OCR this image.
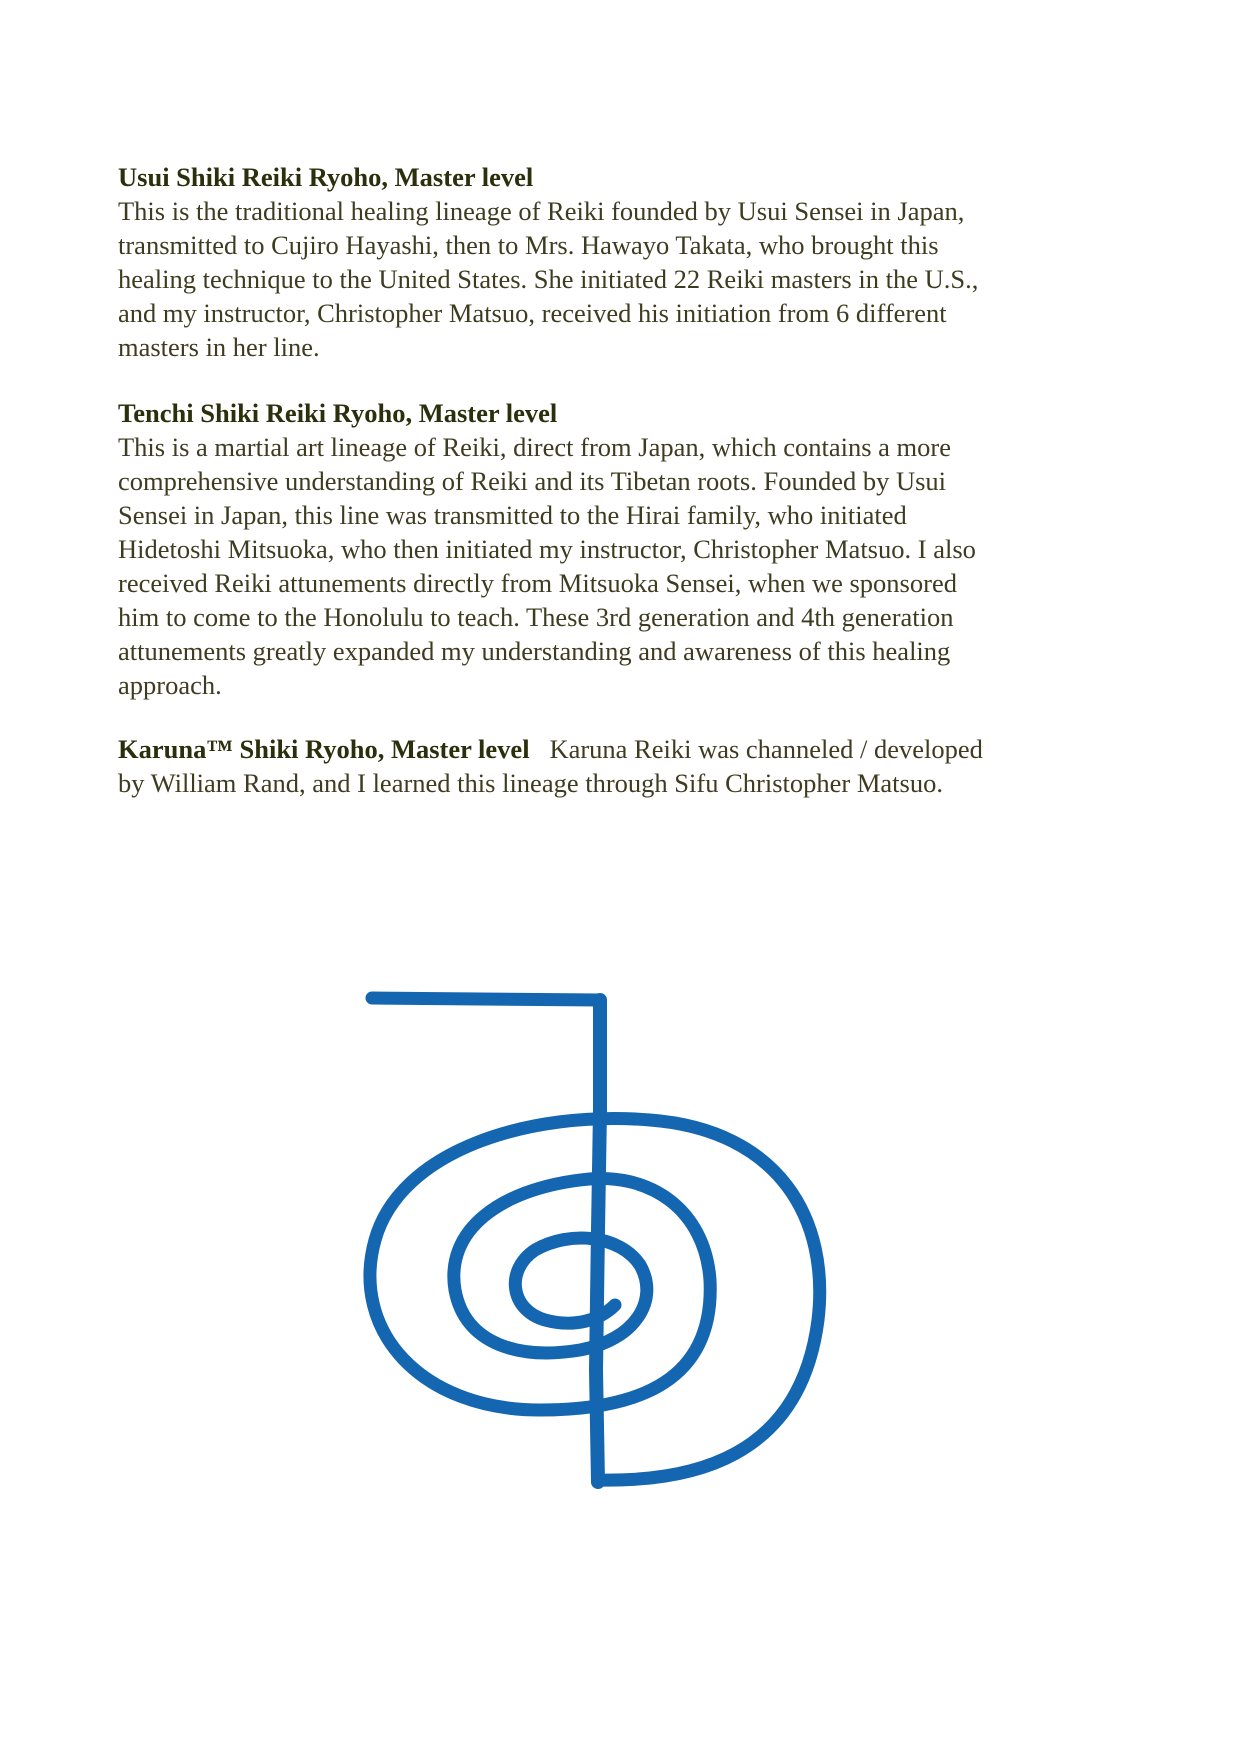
Usui Shiki Reiki Ryoho, Master level
This is the traditional healing lineage of Reiki founded by Usui Sensei in Japan,
transmitted to Cujiro Hayashi, then to Mrs. Hawayo Takata, who brought this
healing technique to the United States. She initiated 22 Reiki masters in the U.S.,
and my instructor, Christopher Matsuo, received his initiation from 6 different
masters in her line.
Tenchi Shiki Reiki Ryoho, Master level
This is a martial art lineage of Reiki, direct from Japan, which contains a more
comprehensive understanding of Reiki and its Tibetan roots. Founded by Usui
Sensei in Japan, this line was transmitted to the Hirai family, who initiated
Hidetoshi Mitsuoka, who then initiated my instructor, Christopher Matsuo. I also
received Reiki attunements directly from Mitsuoka Sensei, when we sponsored
him to come to the Honolulu to teach. These 3rd generation and 4th generation
attunements greatly expanded my understanding and awareness of this healing
approach.
Karuna™ Shiki Ryoho, Master level Karuna Reiki was channeled / developed
by William Rand, and I learned this lineage through Sifu Christopher Matsuo.
